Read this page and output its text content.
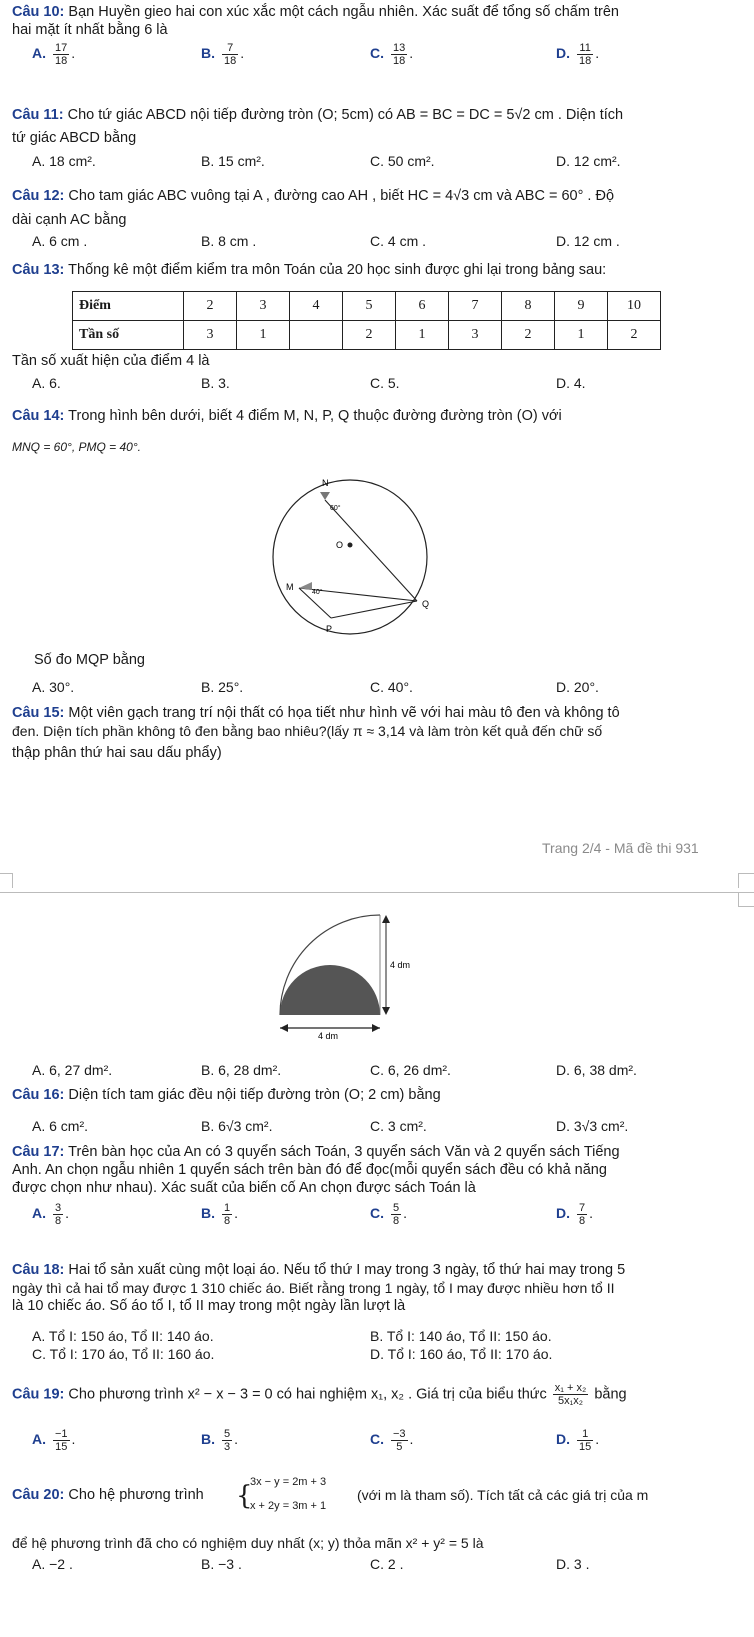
Câu 10: Bạn Huyền gieo hai con xúc xắc một cách ngẫu nhiên. Xác suất để tổng số chấm trên
hai mặt ít nhất bằng 6 là
A. $\frac{17}{18}$ .	B. $\frac{7}{18}$ .	C. $\frac{13}{18}$ .	D. $\frac{11}{18}$ .
Câu 11: Cho tứ giác ABCD nội tiếp đường tròn (O; 5cm) có AB = BC = DC = 5√2 cm . Diện tích
tứ giác ABCD bằng
A. 18 cm².	B. 15 cm².	C. 50 cm².	D. 12 cm².
Câu 12: Cho tam giác ABC vuông tại A , đường cao AH , biết HC = 4√3 cm và ABC = 60° . Độ
dài cạnh AC bằng
A. 6 cm .	B. 8 cm .	C. 4 cm .	D. 12 cm .
Câu 13: Thống kê một điểm kiểm tra môn Toán của 20 học sinh được ghi lại trong bảng sau:
Điểm	2	3	4	5	6	7	8	9	10
Tần số	3	1		2	1	3	2	1	2
Tần số xuất hiện của điểm 4 là
A. 6.	B. 3.	C. 5.	D. 4.
Câu 14: Trong hình bên dưới, biết 4 điểm M, N, P, Q thuộc đường đường tròn (O) với
MNQ = 60°, PMQ = 40°.
N
O
M
Q
P
60°
40°
Số đo MQP bằng
A. 30°.	B. 25°.	C. 40°.	D. 20°.
Câu 15: Một viên gạch trang trí nội thất có họa tiết như hình vẽ với hai màu tô đen và không tô
đen. Diện tích phần không tô đen bằng bao nhiêu?(lấy π ≈ 3,14 và làm tròn kết quả đến chữ số
thập phân thứ hai sau dấu phẩy)
Trang 2/4 - Mã đề thi 931
4 dm
4 dm
A. 6, 27 dm².	B. 6, 28 dm².	C. 6, 26 dm².	D. 6, 38 dm².
Câu 16: Diện tích tam giác đều nội tiếp đường tròn (O; 2 cm) bằng
A. 6 cm².	B. 6√3 cm².	C. 3 cm².	D. 3√3 cm².
Câu 17: Trên bàn học của An có 3 quyển sách Toán, 3 quyển sách Văn và 2 quyển sách Tiếng
Anh. An chọn ngẫu nhiên 1 quyển sách trên bàn đó để đọc(mỗi quyển sách đều có khả năng
được chọn như nhau). Xác suất của biến cố An chọn được sách Toán là
A. $\frac{3}{8}$ .	B. $\frac{1}{8}$ .	C. $\frac{5}{8}$ .	D. $\frac{7}{8}$ .
Câu 18: Hai tổ sản xuất cùng một loại áo. Nếu tổ thứ I may trong 3 ngày, tổ thứ hai may trong 5
ngày thì cả hai tổ may được 1 310 chiếc áo. Biết rằng trong 1 ngày, tổ I may được nhiều hơn tổ II
là 10 chiếc áo. Số áo tổ I, tổ II may trong một ngày lần lượt là
A. Tổ I: 150 áo, Tổ II: 140 áo.	B. Tổ I: 140 áo, Tổ II: 150 áo.
C. Tổ I: 170 áo, Tổ II: 160 áo.	D. Tổ I: 160 áo, Tổ II: 170 áo.
Câu 19: Cho phương trình x² − x − 3 = 0 có hai nghiệm x₁, x₂ . Giá trị của biểu thức $\frac{\text{x₁ + x₂}}{\text{5x₁x₂}}$ bằng
A. $\frac{-1}{15}$ .	B. $\frac{5}{3}$ .	C. $\frac{-3}{5}$ .	D. $\frac{1}{15}$ .
Câu 20: Cho hệ phương trình {
3x − y = 2m + 3
x + 2y = 3m + 1
(với m là tham số). Tích tất cả các giá trị của m
để hệ phương trình đã cho có nghiệm duy nhất (x; y) thỏa mãn x² + y² = 5 là
A. −2 .	B. −3 .	C. 2 .	D. 3 .
